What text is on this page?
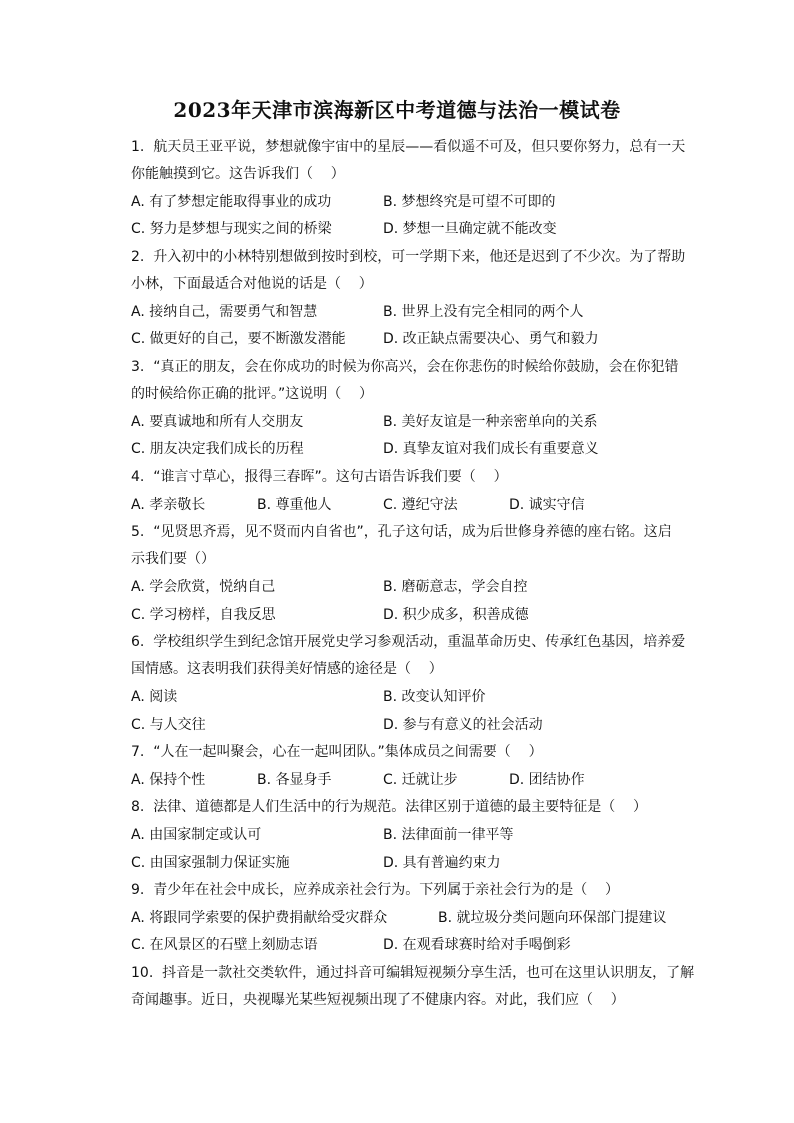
2023年天津市滨海新区中考道德与法治一模试卷
1.  航天员王亚平说，梦想就像宇宙中的星辰——看似遥不可及，但只要你努力，总有一天
你能触摸到它。这告诉我们（    ）
A. 有了梦想定能取得事业的成功	B. 梦想终究是可望不可即的
C. 努力是梦想与现实之间的桥梁	D. 梦想一旦确定就不能改变
2.  升入初中的小林特别想做到按时到校，可一学期下来，他还是迟到了不少次。为了帮助
小林，下面最适合对他说的话是（    ）
A. 接纳自己，需要勇气和智慧	B. 世界上没有完全相同的两个人
C. 做更好的自己，要不断激发潜能	D. 改正缺点需要决心、勇气和毅力
3.  “真正的朋友，会在你成功的时候为你高兴，会在你悲伤的时候给你鼓励，会在你犯错
的时候给你正确的批评。”这说明（    ）
A. 要真诚地和所有人交朋友	B. 美好友谊是一种亲密单向的关系
C. 朋友决定我们成长的历程	D. 真挚友谊对我们成长有重要意义
4.  “谁言寸草心，报得三春晖”。这句古语告诉我们要（    ）
A. 孝亲敬长	B. 尊重他人	C. 遵纪守法	D. 诚实守信
5.  “见贤思齐焉，见不贤而内自省也”，孔子这句话，成为后世修身养德的座右铭。这启
示我们要（）
A. 学会欣赏，悦纳自己	B. 磨砺意志，学会自控
C. 学习榜样，自我反思	D. 积少成多，积善成德
6.  学校组织学生到纪念馆开展党史学习参观活动，重温革命历史、传承红色基因，培养爱
国情感。这表明我们获得美好情感的途径是（    ）
A. 阅读	B. 改变认知评价
C. 与人交往	D. 参与有意义的社会活动
7.  “人在一起叫聚会，心在一起叫团队。”集体成员之间需要（    ）
A. 保持个性	B. 各显身手	C. 迁就让步	D. 团结协作
8.  法律、道德都是人们生活中的行为规范。法律区别于道德的最主要特征是（    ）
A. 由国家制定或认可	B. 法律面前一律平等
C. 由国家强制力保证实施	D. 具有普遍约束力
9.  青少年在社会中成长，应养成亲社会行为。下列属于亲社会行为的是（    ）
A. 将跟同学索要的保护费捐献给受灾群众	B. 就垃圾分类问题向环保部门提建议
C. 在风景区的石壁上刻励志语	D. 在观看球赛时给对手喝倒彩
10.  抖音是一款社交类软件，通过抖音可编辑短视频分享生活，也可在这里认识朋友，了解
奇闻趣事。近日，央视曝光某些短视频出现了不健康内容。对此，我们应（    ）
